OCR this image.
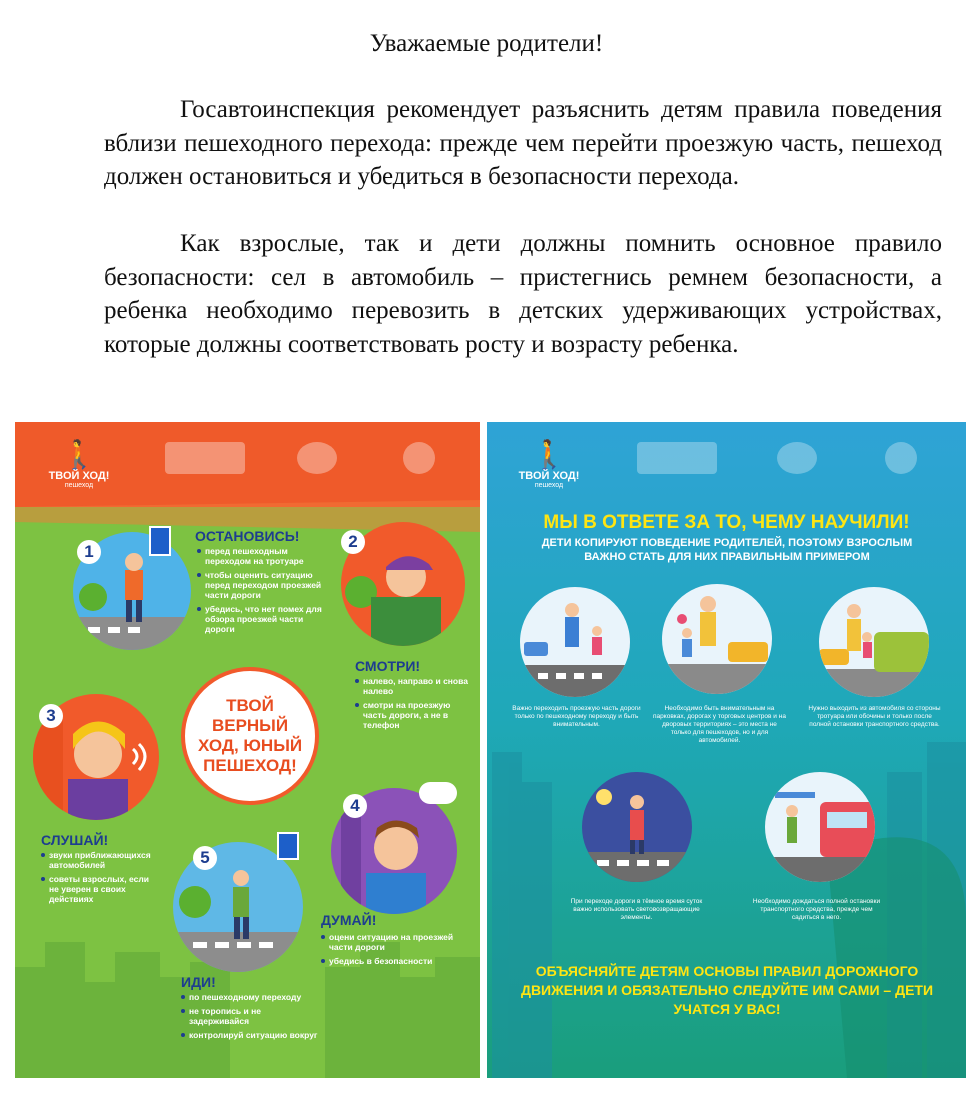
Уважаемые родители!

Госавтоинспекция рекомендует разъяснить детям правила поведения вблизи пешеходного перехода: прежде чем перейти проезжую часть, пешеход должен остановиться и убедиться в безопасности перехода.

Как взрослые, так и дети должны помнить основное правило безопасности: сел в автомобиль – пристегнись ремнем безопасности, а ребенка необходимо перевозить в детских удерживающих устройствах, которые должны соответствовать росту и возрасту ребенка.

🚶
ТВОЙ ХОД!
пешеход
1
ОСТАНОВИСЬ!
перед пешеходным переходом на тротуаре
чтобы оценить ситуацию перед переходом проезжей части дороги
убедись, что нет помех для обзора проезжей части дороги
2
СМОТРИ!
налево, направо и снова налево
смотри на проезжую часть дороги, а не в телефон
ТВОЙ ВЕРНЫЙ ХОД, ЮНЫЙ ПЕШЕХОД!
3
СЛУШАЙ!
звуки приближающихся автомобилей
советы взрослых, если не уверен в своих действиях
4
ДУМАЙ!
оцени ситуацию на проезжей части дороги
убедись в безопасности
5
ИДИ!
по пешеходному переходу
не торопись и не задерживайся
контролируй ситуацию вокруг
🚶
ТВОЙ ХОД!
пешеход
МЫ В ОТВЕТЕ ЗА ТО, ЧЕМУ НАУЧИЛИ!
ДЕТИ КОПИРУЮТ ПОВЕДЕНИЕ РОДИТЕЛЕЙ, ПОЭТОМУ ВЗРОСЛЫМ ВАЖНО СТАТЬ ДЛЯ НИХ ПРАВИЛЬНЫМ ПРИМЕРОМ
Важно переходить проезжую часть дороги только по пешеходному переходу и быть внимательным.
Необходимо быть внимательным на парковках, дорогах у торговых центров и на дворовых территориях – это места не только для пешеходов, но и для автомобилей.
Нужно выходить из автомобиля со стороны тротуара или обочины и только после полной остановки транспортного средства.
При переходе дороги в тёмное время суток важно использовать световозвращающие элементы.
Необходимо дождаться полной остановки транспортного средства, прежде чем садиться в него.
ОБЪЯСНЯЙТЕ ДЕТЯМ ОСНОВЫ ПРАВИЛ ДОРОЖНОГО ДВИЖЕНИЯ И ОБЯЗАТЕЛЬНО СЛЕДУЙТЕ ИМ САМИ – ДЕТИ УЧАТСЯ У ВАС!
